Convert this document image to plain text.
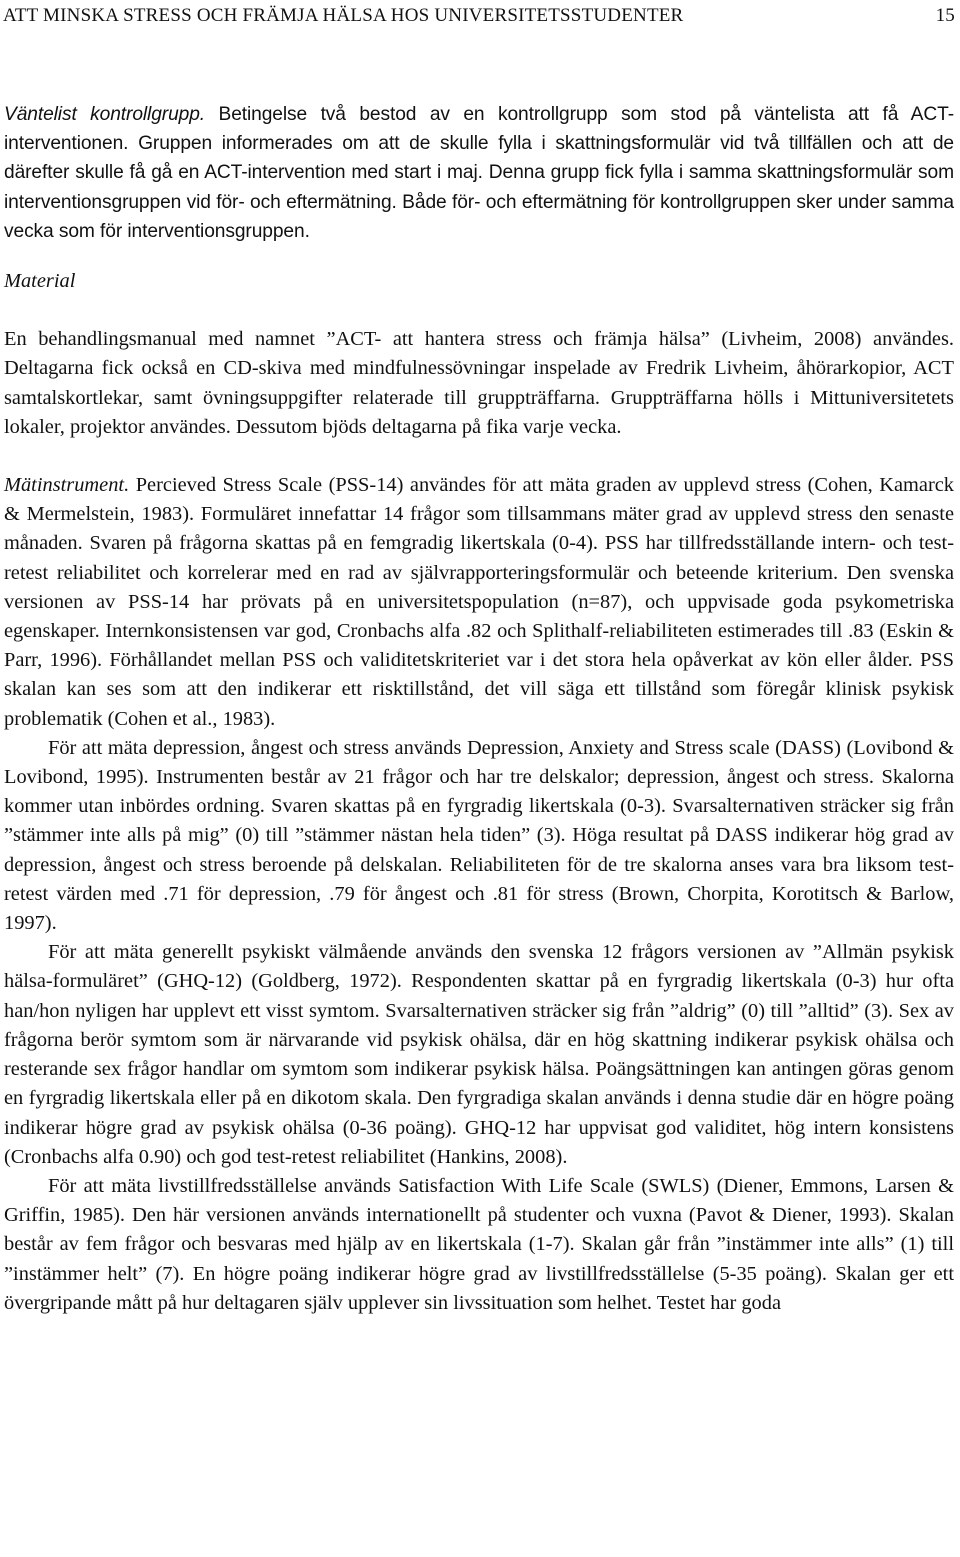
ATT MINSKA STRESS OCH FRÄMJA HÄLSA HOS UNIVERSITETSSTUDENTER	15

Väntelist kontrollgrupp. Betingelse två bestod av en kontrollgrupp som stod på väntelista att få ACT-interventionen. Gruppen informerades om att de skulle fylla i skattningsformulär vid två tillfällen och att de därefter skulle få gå en ACT-intervention med start i maj. Denna grupp fick fylla i samma skattningsformulär som interventionsgruppen vid för- och eftermätning. Både för- och eftermätning för kontrollgruppen sker under samma vecka som för interventionsgruppen.

Material

En behandlingsmanual med namnet ”ACT- att hantera stress och främja hälsa” (Livheim, 2008) användes. Deltagarna fick också en CD-skiva med mindfulnessövningar inspelade av Fredrik Livheim, åhörarkopior, ACT samtalskortlekar, samt övningsuppgifter relaterade till gruppträffarna. Gruppträffarna hölls i Mittuniversitetets lokaler, projektor användes. Dessutom bjöds deltagarna på fika varje vecka.

Mätinstrument. Percieved Stress Scale (PSS-14) användes för att mäta graden av upplevd stress (Cohen, Kamarck & Mermelstein, 1983). Formuläret innefattar 14 frågor som tillsammans mäter grad av upplevd stress den senaste månaden. Svaren på frågorna skattas på en femgradig likertskala (0-4). PSS har tillfredsställande intern- och test-retest reliabilitet och korrelerar med en rad av självrapporteringsformulär och beteende kriterium. Den svenska versionen av PSS-14 har prövats på en universitetspopulation (n=87), och uppvisade goda psykometriska egenskaper. Internkonsistensen var god, Cronbachs alfa .82 och Splithalf-reliabiliteten estimerades till .83 (Eskin & Parr, 1996). Förhållandet mellan PSS och validitetskriteriet var i det stora hela opåverkat av kön eller ålder. PSS skalan kan ses som att den indikerar ett risktillstånd, det vill säga ett tillstånd som föregår klinisk psykisk problematik (Cohen et al., 1983).

För att mäta depression, ångest och stress används Depression, Anxiety and Stress scale (DASS) (Lovibond & Lovibond, 1995). Instrumenten består av 21 frågor och har tre delskalor; depression, ångest och stress. Skalorna kommer utan inbördes ordning. Svaren skattas på en fyrgradig likertskala (0-3). Svarsalternativen sträcker sig från ”stämmer inte alls på mig” (0) till ”stämmer nästan hela tiden” (3). Höga resultat på DASS indikerar hög grad av depression, ångest och stress beroende på delskalan. Reliabiliteten för de tre skalorna anses vara bra liksom test- retest värden med .71 för depression, .79 för ångest och .81 för stress (Brown, Chorpita, Korotitsch & Barlow, 1997).

För att mäta generellt psykiskt välmående används den svenska 12 frågors versionen av ”Allmän psykisk hälsa-formuläret” (GHQ-12) (Goldberg, 1972). Respondenten skattar på en fyrgradig likertskala (0-3) hur ofta han/hon nyligen har upplevt ett visst symtom. Svarsalternativen sträcker sig från ”aldrig” (0) till ”alltid” (3). Sex av frågorna berör symtom som är närvarande vid psykisk ohälsa, där en hög skattning indikerar psykisk ohälsa och resterande sex frågor handlar om symtom som indikerar psykisk hälsa. Poängsättningen kan antingen göras genom en fyrgradig likertskala eller på en dikotom skala. Den fyrgradiga skalan används i denna studie där en högre poäng indikerar högre grad av psykisk ohälsa (0-36 poäng). GHQ-12 har uppvisat god validitet, hög intern konsistens (Cronbachs alfa 0.90) och god test-retest reliabilitet (Hankins, 2008).

För att mäta livstillfredsställelse används Satisfaction With Life Scale (SWLS) (Diener, Emmons, Larsen & Griffin, 1985). Den här versionen används internationellt på studenter och vuxna (Pavot & Diener, 1993). Skalan består av fem frågor och besvaras med hjälp av en likertskala (1-7). Skalan går från ”instämmer inte alls” (1) till ”instämmer helt” (7). En högre poäng indikerar högre grad av livstillfredsställelse (5-35 poäng). Skalan ger ett övergripande mått på hur deltagaren själv upplever sin livssituation som helhet. Testet har goda
